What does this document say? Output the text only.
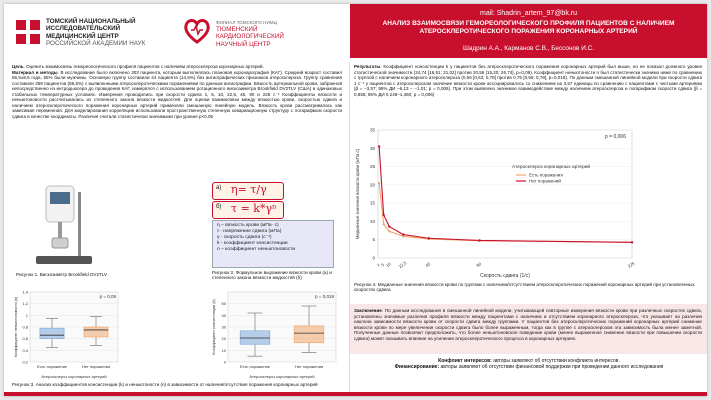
ТОМСКИЙ НАЦИОНАЛЬНЫЙ
ИССЛЕДОВАТЕЛЬСКИЙ
МЕДИЦИНСКИЙ ЦЕНТР
РОССИЙСКОЙ АКАДЕМИИ НАУК
ФИЛИАЛ ТОМСКОГО НИМЦ
ТЮМЕНСКИЙ
КАРДИОЛОГИЧЕСКИЙ
НАУЧНЫЙ ЦЕНТР
mail: Shadrin_artem_97@bk.ru
АНАЛИЗ ВЗАИМОСВЯЗИ ГЕМОРЕОЛОГИЧЕСКОГО ПРОФИЛЯ ПАЦИЕНТОВ С НАЛИЧИЕМ АТЕРОСКЛЕРОТИЧЕСКОГО ПОРАЖЕНИЯ КОРОНАРНЫХ АРТЕРИЙ
Шадрин А.А., Карманов С.В., Бессонов И.С.
Цель. Оценить взаимосвязь гемореологического профиля пациентов с наличием атеросклероза коронарных артерий.
Материал и методы. В исследование было включено 303 пациента, которым выполнялась плановая коронарография (КАГ). Средний возраст составил 65,5±9,5 года, 55% были мужчины. Основную группу составили 44 пациента (14,5%) без ангиографических признаков атеросклероза. Группу сравнения составили 259 пациентов (85,5%) с выявленными атеросклеротическими поражениями по данным ангиографии. Вязкость артериальной крови, забранной непосредственно из интродьюсера до проведения КАГ, измерялся с использованием ротационного вискозиметра Brookfield DV2TLV (США) в одинаковых стабильных температурных условиях. Измерения проводились при скорости сдвига 1, 5, 10, 22,5, 45, 90 и 225 с⁻¹ Коэффициенты вязкости и неньютоновости рассчитывались из степенного закона вязкости жидкостей. Для оценки взаимосвязи между вязкостью крови, скоростью сдвига и наличием атеросклеротического поражения коронарных артерий применяли смешанную линейную модель. Вязкость крови рассматривалась как зависимая переменная. Для моделирования корреляции использовали пространственную степенную ковариационную структуру с логарифмом скорости сдвига в качестве координаты. Различия считали статистически значимыми при уровне p<0,05
Рисунок 1. Вискозиметр Brookfield DV2TLV
а) η= τ/γ
б) τ = k*γⁿ
η – вязкость крови (мПа· с)
τ - напряжение сдвига (мПа)
γ - скорость сдвига (с⁻¹)
k - коэффициент консистенции
n – коэффициент неньютоновости
Рисунок 2. Формульное выражение вязкости крови (а) и степенного закона вязкости жидкостей (б)
0,2
0,4
0,6
0,8
1
1,2
1,4
Есть поражение	Нет поражения
p = 0,09
Атеросклероз коронарных артерий
Коэффициент неньютоновости (n)
0
10
20
30
40
50
Есть поражение	Нет поражения
p = 0,019
Атеросклероз коронарных артерий
Коэффициент консистенции (k)
Рисунок 3. Анализ коэффициентов консистенции (k) и неньютоности (n) в зависимости от наличия/отсутствия поражения коронарных артерий
Результаты. Коэффициент консистенции k у пациентов без атеросклеротического поражения коронарных артерий был выше, но не показал должного уровня статистической значимости (24,74 [16,51; 31,02] против 20,56 [15,20; 26,74], p=0,09). Коэффициент неньютоности n был статистически значимо ниже по сравнению с группой с наличием коронарного атеросклероза (0,66 [0,63; 0,78] против 0,75 [0,66; 0,78], p=0,019). По данным смешанной линейной модели при скорости сдвига 1 с⁻¹ у пациентов с атеросклерозом значение вязкости крови ассоциировалось со снижением на 3,57 единицы по сравнению с пациентами с чистыми артериями (β = −3,57; 95% ДИ −6,13 − −1,01; p = 0,006). При этом выявлено значимое взаимодействие между наличием атеросклероза и логарифмом скорости сдвига (β = 0,855; 95% ДИ 0,249–1,460; p = 0,006)
0
5
10
15
20
25
30
35
1 5 10 22,5	45	90	225
p = 0,006
Атеросклероз коронарных артерий
Есть поражения
Нет поражений
Скорость сдвига (1/с)
Медианные значения вязкости крови (мПа·с)
Рисунок 4. Медианные значения вязкости крови по группам с наличием/отсутствием атеросклеротических поражений коронарных артерий при установленных скоростях сдвига
Заключение. По данным исследования в смешанной линейной модели, учитывающей повторные измерения вязкости крови при различных скоростях сдвига, установлены значимые различия профиля вязкости между пациентами с наличием и отсутствием коронарного атеросклероза, что указывает на различия наклона зависимости вязкости крови от скорости сдвига между группами. У пациентов без атеросклеротических поражений коронарных артерий снижение вязкости крови по мере увеличения скорости сдвига было более выраженным, тогда как в группе с атеросклерозом эта зависимость была менее заметной. Полученные данные позволяют предположить, что более неньютоновское поведение крови (менее выраженное снижение вязкости при повышении скорости сдвига) может оказывать влияние на усиление атеросклеротического процесса в коронарных артериях.
Конфликт интересов: авторы заявляют об отсутствии конфликта интересов.
Финансирование: авторы заявляют об отсутствии финансовой поддержки при проведении данного исследования
